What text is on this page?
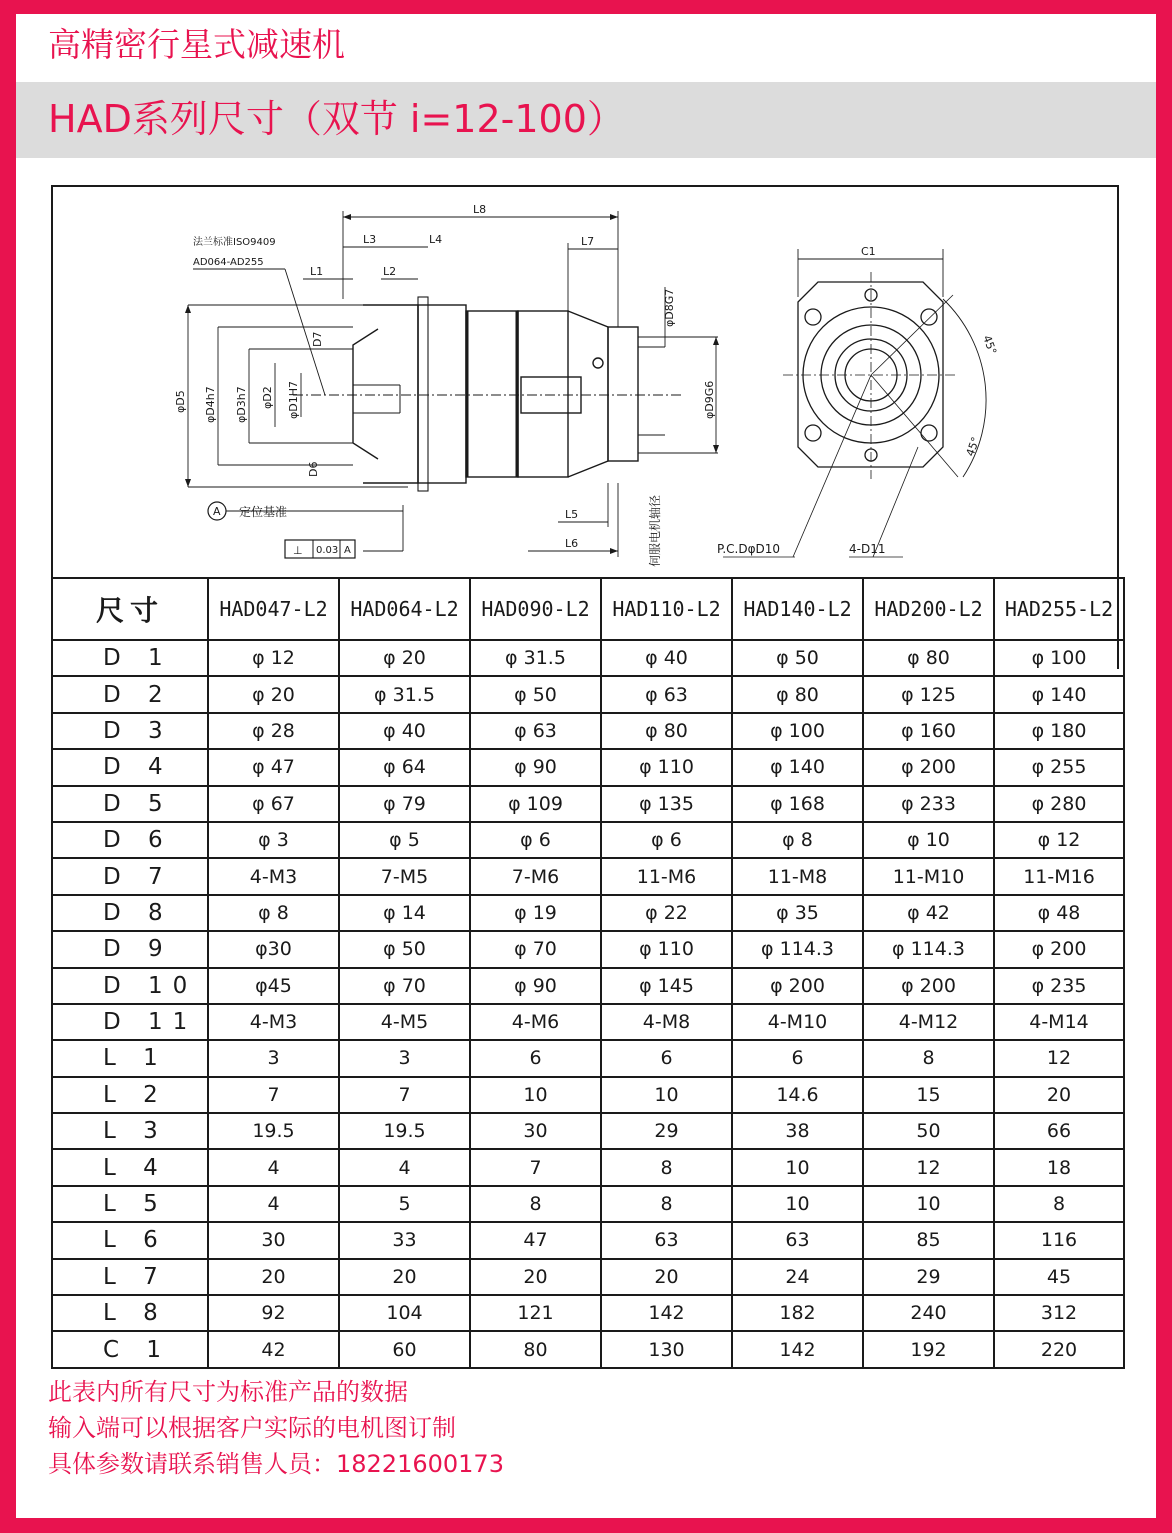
高精密行星式减速机
HAD系列尺寸（双节 i=12-100）
L8
L3	L4	L7
法兰标准ISO9409
AD064-AD255
L1	L2
D7
φD5 φD4h7 φD3h7 φD2 φD1H7
D6
φD8G7
φD9G6
伺服电机轴径
L5
L6
A 定位基准
⊥ 0.03 A
C1
45°
45°
P.C.DφD10	4-D11
尺寸	HAD047-L2	HAD064-L2	HAD090-L2	HAD110-L2	HAD140-L2	HAD200-L2	HAD255-L2
D 1	φ 12	φ 20	φ 31.5	φ 40	φ 50	φ 80	φ 100
D 2	φ 20	φ 31.5	φ 50	φ 63	φ 80	φ 125	φ 140
D 3	φ 28	φ 40	φ 63	φ 80	φ 100	φ 160	φ 180
D 4	φ 47	φ 64	φ 90	φ 110	φ 140	φ 200	φ 255
D 5	φ 67	φ 79	φ 109	φ 135	φ 168	φ 233	φ 280
D 6	φ 3	φ 5	φ 6	φ 6	φ 8	φ 10	φ 12
D 7	4-M3	7-M5	7-M6	11-M6	11-M8	11-M10	11-M16
D 8	φ 8	φ 14	φ 19	φ 22	φ 35	φ 42	φ 48
D 9	φ30	φ 50	φ 70	φ 110	φ 114.3	φ 114.3	φ 200
D 10	φ45	φ 70	φ 90	φ 145	φ 200	φ 200	φ 235
D 11	4-M3	4-M5	4-M6	4-M8	4-M10	4-M12	4-M14
L 1	3	3	6	6	6	8	12
L 2	7	7	10	10	14.6	15	20
L 3	19.5	19.5	30	29	38	50	66
L 4	4	4	7	8	10	12	18
L 5	4	5	8	8	10	10	8
L 6	30	33	47	63	63	85	116
L 7	20	20	20	20	24	29	45
L 8	92	104	121	142	182	240	312
C 1	42	60	80	130	142	192	220
此表内所有尺寸为标准产品的数据
输入端可以根据客户实际的电机图订制
具体参数请联系销售人员：18221600173
